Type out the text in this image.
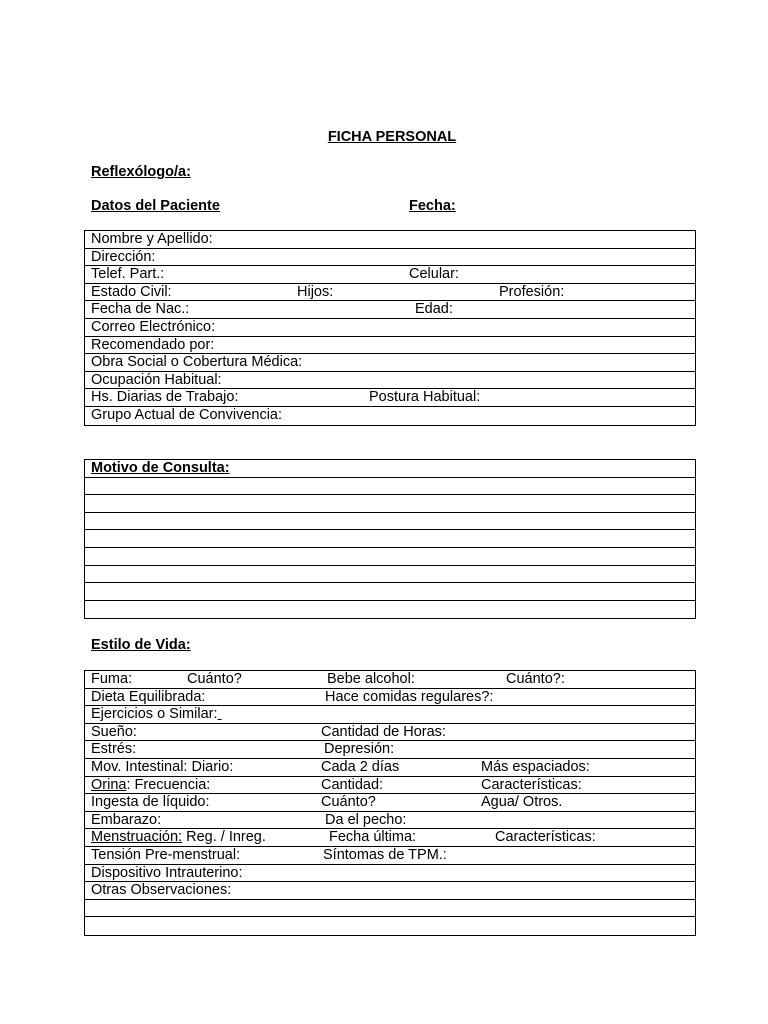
FICHA PERSONAL
Reflexólogo/a:
Datos del Paciente	Fecha:
Nombre y Apellido:
Dirección:
Telef. Part.:	Celular:
Estado Civil:	Hijos:	Profesión:
Fecha de Nac.:	Edad:
Correo Electrónico:
Recomendado por:
Obra Social o Cobertura Médica:
Ocupación Habitual:
Hs. Diarias de Trabajo:	Postura Habitual:
Grupo Actual de Convivencia:
Motivo de Consulta:
Estilo de Vida:
Fuma:	Cuánto?	Bebe alcohol:	Cuánto?:
Dieta Equilibrada:	Hace comidas regulares?:
Ejercicios o Similar:
Sueño:	Cantidad de Horas:
Estrés:	Depresión:
Mov. Intestinal: Diario:	Cada 2 días	Más espaciados:
Orina: Frecuencia:	Cantidad:	Características:
Ingesta de líquido:	Cuánto?	Agua/ Otros.
Embarazo:	Da el pecho:
Menstruación: Reg. / Inreg.	Fecha última:	Características:
Tensión Pre-menstrual:	Síntomas de TPM.:
Dispositivo Intrauterino:
Otras Observaciones:
